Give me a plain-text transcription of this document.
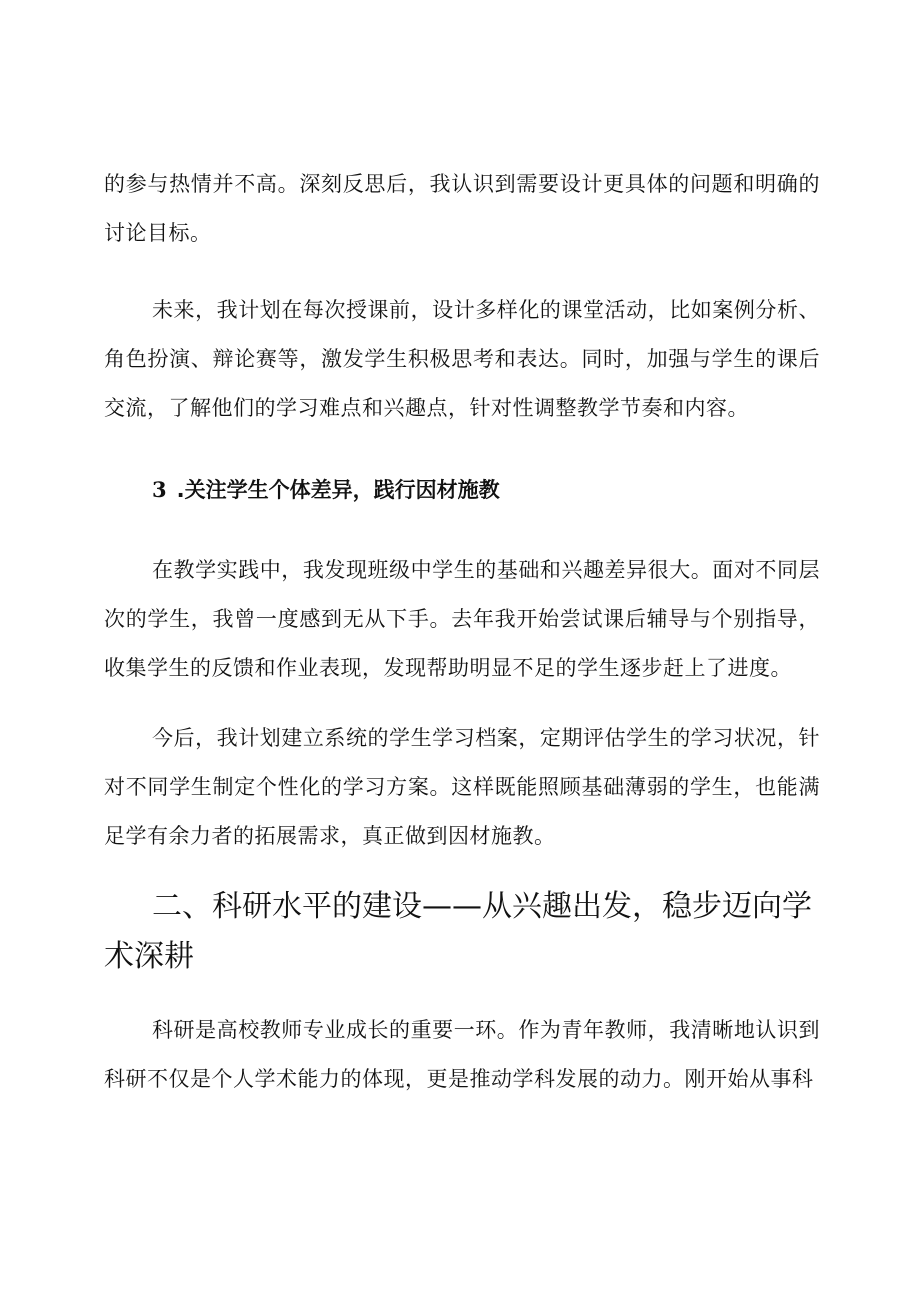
的参与热情并不高。深刻反思后，我认识到需要设计更具体的问题和明确的讨论目标。

未来，我计划在每次授课前，设计多样化的课堂活动，比如案例分析、角色扮演、辩论赛等，激发学生积极思考和表达。同时，加强与学生的课后交流，了解他们的学习难点和兴趣点，针对性调整教学节奏和内容。

3 .关注学生个体差异，践行因材施教

在教学实践中，我发现班级中学生的基础和兴趣差异很大。面对不同层次的学生，我曾一度感到无从下手。去年我开始尝试课后辅导与个别指导，收集学生的反馈和作业表现，发现帮助明显不足的学生逐步赶上了进度。

今后，我计划建立系统的学生学习档案，定期评估学生的学习状况，针对不同学生制定个性化的学习方案。这样既能照顾基础薄弱的学生，也能满足学有余力者的拓展需求，真正做到因材施教。

二、科研水平的建设——从兴趣出发，稳步迈向学术深耕

科研是高校教师专业成长的重要一环。作为青年教师，我清晰地认识到科研不仅是个人学术能力的体现，更是推动学科发展的动力。刚开始从事科
